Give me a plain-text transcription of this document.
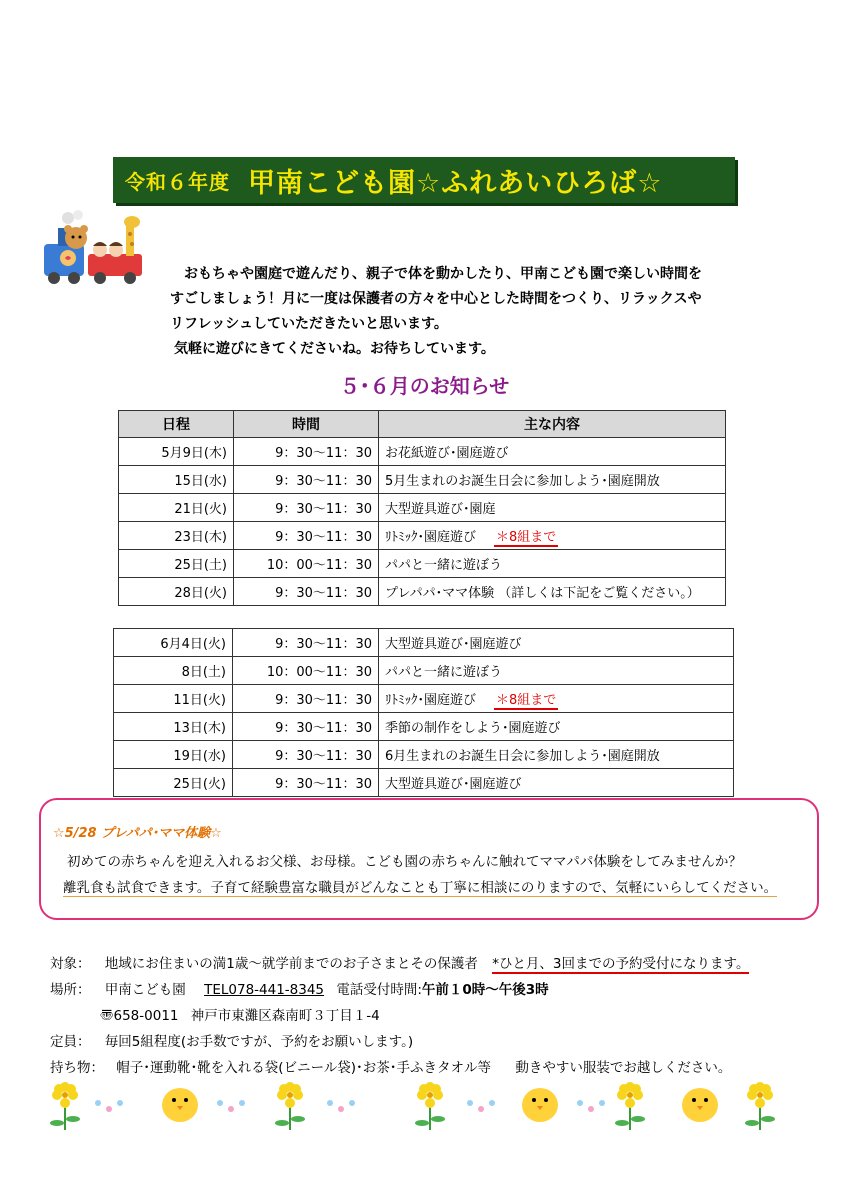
令和６年度 甲南こども園☆ふれあいひろば☆

おもちゃや園庭で遊んだり、親子で体を動かしたり、甲南こども園で楽しい時間を

すごしましょう！月に一度は保護者の方々を中心とした時間をつくり、リラックスや

リフレッシュしていただきたいと思います。

気軽に遊びにきてくださいね。お待ちしています。

５･６月のお知らせ
日程	時間	主な内容
5月9日(木)	9：30～11：30	お花紙遊び･園庭遊び
15日(水)	9：30～11：30	5月生まれのお誕生日会に参加しよう･園庭開放
21日(火)	9：30～11：30	大型遊具遊び･園庭
23日(木)	9：30～11：30	ﾘﾄﾐｯｸ･園庭遊び ＊8組まで
25日(土)	10：00～11：30	パパと一緒に遊ぼう
28日(火)	9：30～11：30	プレパパ･ママ体験 （詳しくは下記をご覧ください。）
6月4日(火)	9：30～11：30	大型遊具遊び･園庭遊び
8日(土)	10：00～11：30	パパと一緒に遊ぼう
11日(火)	9：30～11：30	ﾘﾄﾐｯｸ･園庭遊び ＊8組まで
13日(木)	9：30～11：30	季節の制作をしよう･園庭遊び
19日(水)	9：30～11：30	6月生まれのお誕生日会に参加しよう･園庭開放
25日(火)	9：30～11：30	大型遊具遊び･園庭遊び
☆5/28 プレパパ･ママ体験☆
初めての赤ちゃんを迎え入れるお父様、お母様。こども園の赤ちゃんに触れてママパパ体験をしてみませんか？
離乳食も試食できます。子育て経験豊富な職員がどんなことも丁寧に相談にのりますので、気軽にいらしてください。
対象： 地域にお住まいの満1歳～就学前までのお子さまとその保護者 *ひと月、3回までの予約受付になります。
場所： 甲南こども園 TEL078-441-8345 電話受付時間:午前１0時～午後3時
〠658-0011 神戸市東灘区森南町３丁目１-4
定員： 毎回5組程度(お手数ですが、予約をお願いします。)
持ち物： 帽子･運動靴･靴を入れる袋(ビニール袋)･お茶･手ふきタオル等 動きやすい服装でお越しください。
